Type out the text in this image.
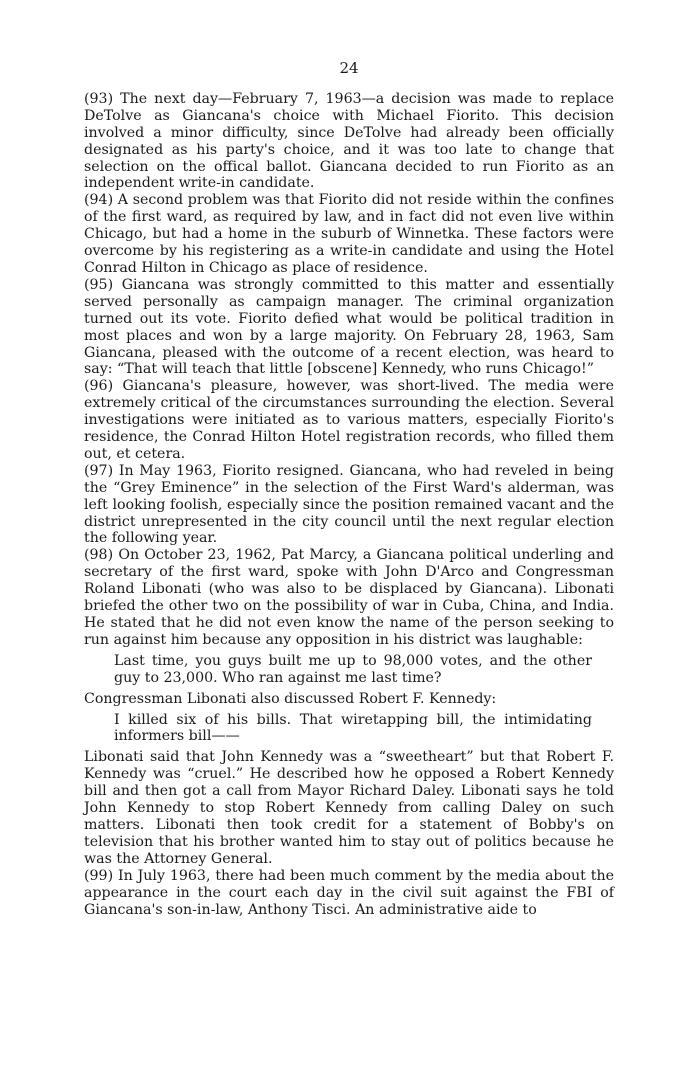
24

(93) The next day—February 7, 1963—a decision was made to replace DeTolve as Giancana's choice with Michael Fiorito. This decision involved a minor difficulty, since DeTolve had already been officially designated as his party's choice, and it was too late to change that selection on the offical ballot. Giancana decided to run Fiorito as an independent write-in candidate.

(94) A second problem was that Fiorito did not reside within the confines of the first ward, as required by law, and in fact did not even live within Chicago, but had a home in the suburb of Winnetka. These factors were overcome by his registering as a write-in candidate and using the Hotel Conrad Hilton in Chicago as place of residence.

(95) Giancana was strongly committed to this matter and essentially served personally as campaign manager. The criminal organization turned out its vote. Fiorito defied what would be political tradition in most places and won by a large majority. On February 28, 1963, Sam Giancana, pleased with the outcome of a recent election, was heard to say: “That will teach that little [obscene] Kennedy, who runs Chicago!”

(96) Giancana's pleasure, however, was short-lived. The media were extremely critical of the circumstances surrounding the election. Several investigations were initiated as to various matters, especially Fiorito's residence, the Conrad Hilton Hotel registration records, who filled them out, et cetera.

(97) In May 1963, Fiorito resigned. Giancana, who had reveled in being the “Grey Eminence” in the selection of the First Ward's alderman, was left looking foolish, especially since the position remained vacant and the district unrepresented in the city council until the next regular election the following year.

(98) On October 23, 1962, Pat Marcy, a Giancana political underling and secretary of the first ward, spoke with John D'Arco and Congressman Roland Libonati (who was also to be displaced by Giancana). Libonati briefed the other two on the possibility of war in Cuba, China, and India. He stated that he did not even know the name of the person seeking to run against him because any opposition in his district was laughable:

Last time, you guys built me up to 98,000 votes, and the other guy to 23,000. Who ran against me last time?

Congressman Libonati also discussed Robert F. Kennedy:

I killed six of his bills. That wiretapping bill, the intimidating informers bill——

Libonati said that John Kennedy was a “sweetheart” but that Robert F. Kennedy was “cruel.” He described how he opposed a Robert Kennedy bill and then got a call from Mayor Richard Daley. Libonati says he told John Kennedy to stop Robert Kennedy from calling Daley on such matters. Libonati then took credit for a statement of Bobby's on television that his brother wanted him to stay out of politics because he was the Attorney General.

(99) In July 1963, there had been much comment by the media about the appearance in the court each day in the civil suit against the FBI of Giancana's son-in-law, Anthony Tisci. An administrative aide to
